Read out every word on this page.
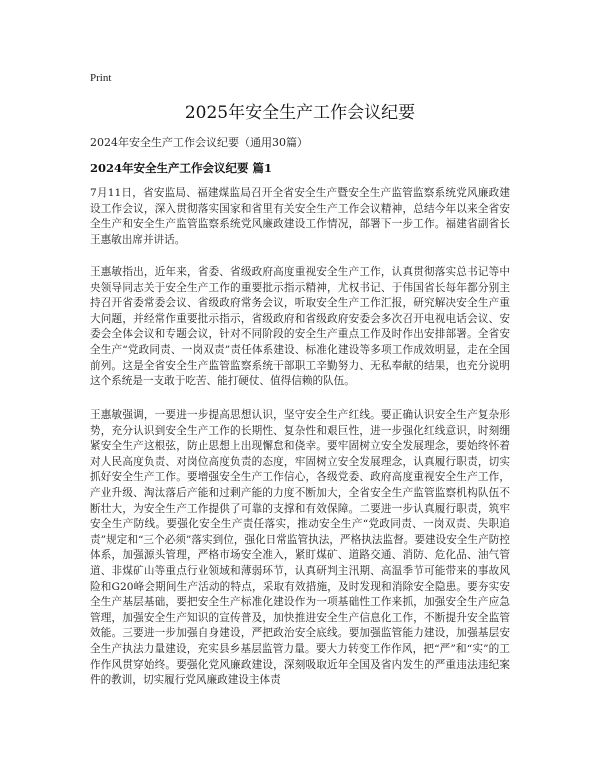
Print
2025年安全生产工作会议纪要
2024年安全生产工作会议纪要（通用30篇）
2024年安全生产工作会议纪要 篇1

7月11日，省安监局、福建煤监局召开全省安全生产暨安全生产监管监察系统党风廉政建设工作会议，深入贯彻落实国家和省里有关安全生产工作会议精神，总结今年以来全省安全生产和安全生产监管监察系统党风廉政建设工作情况，部署下一步工作。福建省副省长王惠敏出席并讲话。

王惠敏指出，近年来，省委、省级政府高度重视安全生产工作，认真贯彻落实总书记等中央领导同志关于安全生产工作的重要批示指示精神，尤权书记、于伟国省长每年都分别主持召开省委常委会议、省级政府常务会议，听取安全生产工作汇报，研究解决安全生产重大问题，并经常作重要批示指示，省级政府和省级政府安委会多次召开电视电话会议、安委会全体会议和专题会议，针对不同阶段的安全生产重点工作及时作出安排部署。全省安全生产“党政同责、一岗双责”责任体系建设、标准化建设等多项工作成效明显，走在全国前列。这是全省安全生产监管监察系统干部职工辛勤努力、无私奉献的结果，也充分说明这个系统是一支敢于吃苦、能打硬仗、值得信赖的队伍。

王惠敏强调，一要进一步提高思想认识，坚守安全生产红线。要正确认识安全生产复杂形势，充分认识到安全生产工作的长期性、复杂性和艰巨性，进一步强化红线意识，时刻绷紧安全生产这根弦，防止思想上出现懈怠和侥幸。要牢固树立安全发展理念，要始终怀着对人民高度负责、对岗位高度负责的态度，牢固树立安全发展理念，认真履行职责，切实抓好安全生产工作。要增强安全生产工作信心，各级党委、政府高度重视安全生产工作，产业升级、淘汰落后产能和过剩产能的力度不断加大，全省安全生产监管监察机构队伍不断壮大，为安全生产工作提供了可靠的支撑和有效保障。二要进一步认真履行职责，筑牢安全生产防线。要强化安全生产责任落实，推动安全生产“党政同责、一岗双责、失职追责”规定和“三个必须”落实到位，强化日常监管执法，严格执法监督。要建设安全生产防控体系，加强源头管理，严格市场安全准入，紧盯煤矿、道路交通、消防、危化品、油气管道、非煤矿山等重点行业领域和薄弱环节，认真研判主汛期、高温季节可能带来的事故风险和G20峰会期间生产活动的特点，采取有效措施，及时发现和消除安全隐患。要夯实安全生产基层基础，要把安全生产标准化建设作为一项基础性工作来抓，加强安全生产应急管理，加强安全生产知识的宣传普及，加快推进安全生产信息化工作，不断提升安全监管效能。三要进一步加强自身建设，严把政治安全底线。要加强监管能力建设，加强基层安全生产执法力量建设，充实县乡基层监管力量。要大力转变工作作风，把“严”和“实”的工作作风贯穿始终。要强化党风廉政建设，深刻吸取近年全国及省内发生的严重违法违纪案件的教训，切实履行党风廉政建设主体责
